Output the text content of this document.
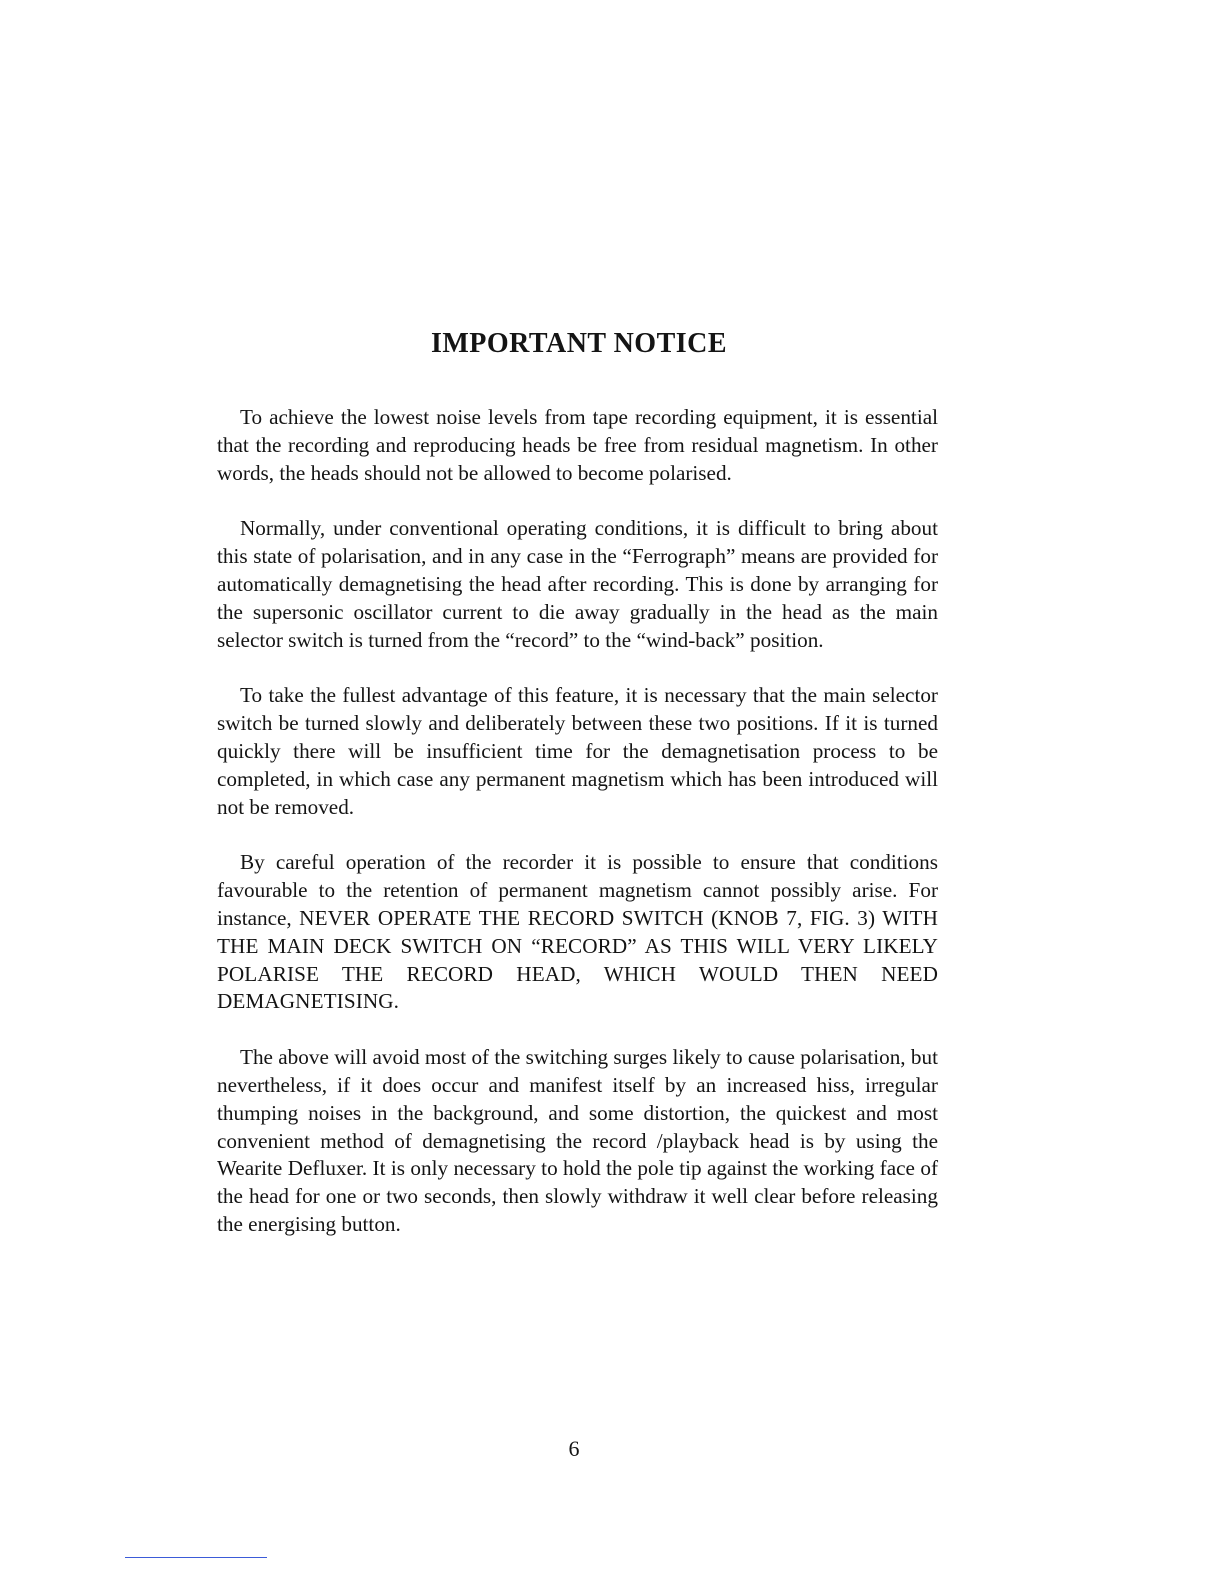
IMPORTANT NOTICE

To achieve the lowest noise levels from tape recording equipment, it is essential that the recording and reproducing heads be free from residual magnetism. In other words, the heads should not be allowed to become polarised.

Normally, under conventional operating conditions, it is difficult to bring about this state of polarisation, and in any case in the “Ferrograph” means are provided for automatically demagnetising the head after recording. This is done by arranging for the supersonic oscillator current to die away gradually in the head as the main selector switch is turned from the “record” to the “wind-back” position.

To take the fullest advantage of this feature, it is necessary that the main selector switch be turned slowly and deliberately between these two positions. If it is turned quickly there will be insufficient time for the demagnetisation process to be completed, in which case any permanent magnetism which has been introduced will not be removed.

By careful operation of the recorder it is possible to ensure that conditions favourable to the retention of permanent magnetism cannot possibly arise. For instance, NEVER OPERATE THE RECORD SWITCH (KNOB 7, FIG. 3) WITH THE MAIN DECK SWITCH ON “RECORD” AS THIS WILL VERY LIKELY POLARISE THE RECORD HEAD, WHICH WOULD THEN NEED DEMAGNETISING.

The above will avoid most of the switching surges likely to cause polarisation, but nevertheless, if it does occur and manifest itself by an increased hiss, irregular thumping noises in the background, and some distortion, the quickest and most convenient method of demagnetising the record /playback head is by using the Wearite Defluxer. It is only necessary to hold the pole tip against the working face of the head for one or two seconds, then slowly withdraw it well clear before releasing the energising button.

6
